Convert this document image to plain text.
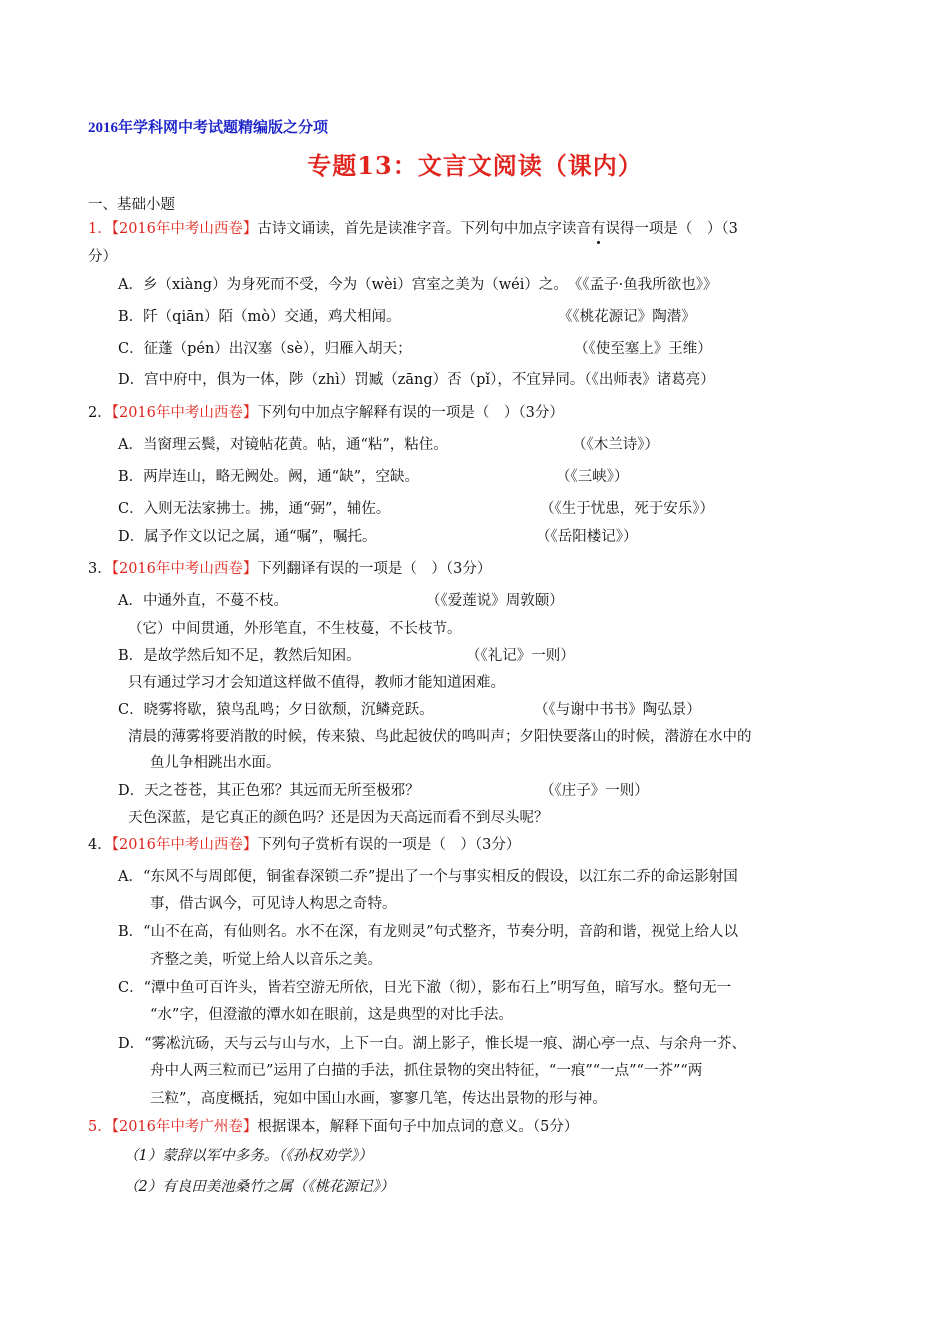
2016年学科网中考试题精编版之分项
专题13：文言文阅读（课内）
一、基础小题
1．【2016年中考山西卷】古诗文诵读，首先是读准字音。下列句中加点字读音有误得一项是（　）（3
分）
A．乡（xiàng）为身死而不受，今为（wèi）宫室之美为（wéi）之。　《《孟子·鱼我所欲也》》
B．阡（qiān）陌（mò）交通，鸡犬相闻。	《《桃花源记》陶潜》
C．征蓬（pén）出汉塞（sè），归雁入胡天；	（《使至塞上》王维）
D．宫中府中，俱为一体，陟（zhì）罚臧（zāng）否（pǐ），不宜异同。（《出师表》诸葛亮）
2．【2016年中考山西卷】下列句中加点字解释有误的一项是（　）（3分）
A．当窗理云鬓，对镜帖花黄。帖，通“粘”，粘住。	（《木兰诗》）
B．两岸连山，略无阙处。阙，通“缺”，空缺。	（《三峡》）
C．入则无法家拂士。拂，通“弼”，辅佐。	（《生于忧患，死于安乐》）
D．属予作文以记之属，通“嘱”，嘱托。	（《岳阳楼记》）
3．【2016年中考山西卷】下列翻译有误的一项是（　）（3分）
A．中通外直，不蔓不枝。	（《爱莲说》周敦颐）
（它）中间贯通，外形笔直，不生枝蔓，不长枝节。
B．是故学然后知不足，教然后知困。	（《礼记》一则）
只有通过学习才会知道这样做不值得，教师才能知道困难。
C．晓雾将歇，猿鸟乱鸣；夕日欲颓，沉鳞竞跃。	（《与谢中书书》陶弘景）
清晨的薄雾将要消散的时候，传来猿、鸟此起彼伏的鸣叫声；夕阳快要落山的时候，潜游在水中的
鱼儿争相跳出水面。
D．天之苍苍，其正色邪？其远而无所至极邪？	（《庄子》一则）
天色深蓝，是它真正的颜色吗？还是因为天高远而看不到尽头呢？
4．【2016年中考山西卷】下列句子赏析有误的一项是（　）（3分）
A．“东风不与周郎便，铜雀春深锁二乔”提出了一个与事实相反的假设，以江东二乔的命运影射国
事，借古讽今，可见诗人构思之奇特。
B．“山不在高，有仙则名。水不在深，有龙则灵”句式整齐，节奏分明，音韵和谐，视觉上给人以
齐整之美，听觉上给人以音乐之美。
C．“潭中鱼可百许头，皆若空游无所依，日光下澈（彻），影布石上”明写鱼，暗写水。整句无一
“水”字，但澄澈的潭水如在眼前，这是典型的对比手法。
D．“雾凇沆砀，天与云与山与水，上下一白。湖上影子，惟长堤一痕、湖心亭一点、与余舟一芥、
舟中人两三粒而已”运用了白描的手法，抓住景物的突出特征，“一痕”“一点”“一芥”“两
三粒”，高度概括，宛如中国山水画，寥寥几笔，传达出景物的形与神。
5．【2016年中考广州卷】根据课本，解释下面句子中加点词的意义。（5分）
（1）蒙辞以军中多务。（《孙权劝学》）
（2）有良田美池桑竹之属（《桃花源记》）
